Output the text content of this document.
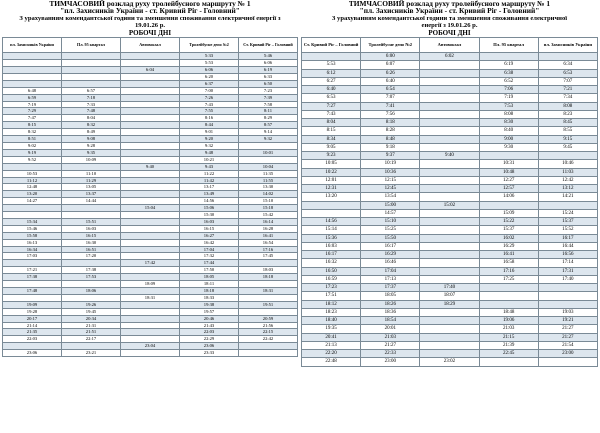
ТИМЧАСОВИЙ розклад руху тролейбусного маршруту № 1
"пл. Захисників України - ст. Кривий Ріг - Головний"
З урахуванням комендантської години та зменшення споживання електричної енергії з
19.01.26 р.
РОБОЧІ ДНІ
пл. Захисників України	Пл. 95 квартал	Автовокзал	Тролейбусне депо №2	Ст. Кривий Ріг – Головний
			5:33	5:46
			5:53	6:06
		6:04	6:06	6:19
			6:20	6:33
			6:37	6:50
6:48	6:57		7:00	7:23
6:59	7:18		7:26	7:39
7:19	7:33		7:43	7:58
7:29	7:48		7:55	8:11
7:47	8:04		8:16	8:29
8:15	8:32		8:44	8:57
8:32	8:49		9:01	9:14
8:51	9:08		9:20	9:32
9:02	9:28		9:32	
9:19	9:35		9:48	10:01
9:52	10:09		10:21	
		9:40	9:43	10:04
10:53	11:10		11:22	11:35
11:12	11:29		11:42	11:55
12:48	13:05		13:17	13:30
13:20	13:37		13:49	14:02
14:27	14:44		14:56	15:10
		15:04	15:06	15:18
			15:30	15:42
15:34	15:51		16:03	16:14
15:46	16:03		16:15	16:28
15:58	16:15		16:27	16:41
16:13	16:30		16:42	16:54
16:34	16:51		17:04	17:16
17:03	17:20		17:32	17:45
		17:42	17:44	
17:21	17:38		17:50	18:03
17:38	17:53		18:05	18:18
		18:09	18:11	
17:48	18:06		18:18	18:31
		18:31	18:33	
19:09	19:26		19:38	19:51
19:28	19:45		19:57	
20:17	20:34		20:46	20:59
21:14	21:31		21:43	21:56
21:35	21:51		22:03	22:15
22:03	22:17		22:29	22:42
		23:04	23:06	
23:06	23:21		23:33	
ТИМЧАСОВИЙ розклад руху тролейбусного маршруту № 1
"пл. Захисників України - ст. Кривий Ріг - Головний"
З урахуванням комендантської години та зменшення споживання електричної
енергії з 19.01.26 р.
РОБОЧІ ДНІ
Ст. Кривий Ріг – Головний	Тролейбусне депо №2	Автовокзал	Пл. 95 квартал	пл. Захисників України
	6:00	6:02		
5:53	6:07		6:19	6:34
6:12	6:26		6:38	6:53
6:27	6:40		6:52	7:07
6:40	6:54		7:06	7:21
6:53	7:07		7:19	7:34
7:27	7:41		7:53	8:08
7:43	7:56		8:08	8:23
8:04	8:18		8:30	8:45
8:15	8:28		8:40	8:55
8:34	8:48		9:00	9:15
9:05	9:18		9:30	9:45
9:23	9:37	9:40		
10:05	10:19		10:31	10:46
10:22	10:36		10:48	11:03
12:01	12:15		12:27	12:42
12:31	12:45		12:57	13:12
13:20	13:54		14:06	14:21
	15:00	15:02		
	14:57		15:09	15:24
14:56	15:10		15:22	15:37
15:14	15:25		15:37	15:52
15:36	15:50		16:02	16:17
16:03	16:17		16:29	16:44
16:17	16:29		16:41	16:56
16:32	16:46		16:58	17:14
16:50	17:04		17:16	17:31
16:59	17:13		17:25	17:40
17:23	17:37	17:40		
17:51	18:05	18:07		
18:12	18:26	18:29		
18:23	18:36		18:48	19:03
18:40	18:54		19:06	19:21
19:35	20:01		21:03	21:27
20:41	21:03		21:15	21:27
21:13	21:27		21:39	21:54
22:20	22:33		22:45	23:00
22:48	23:00	23:02		
